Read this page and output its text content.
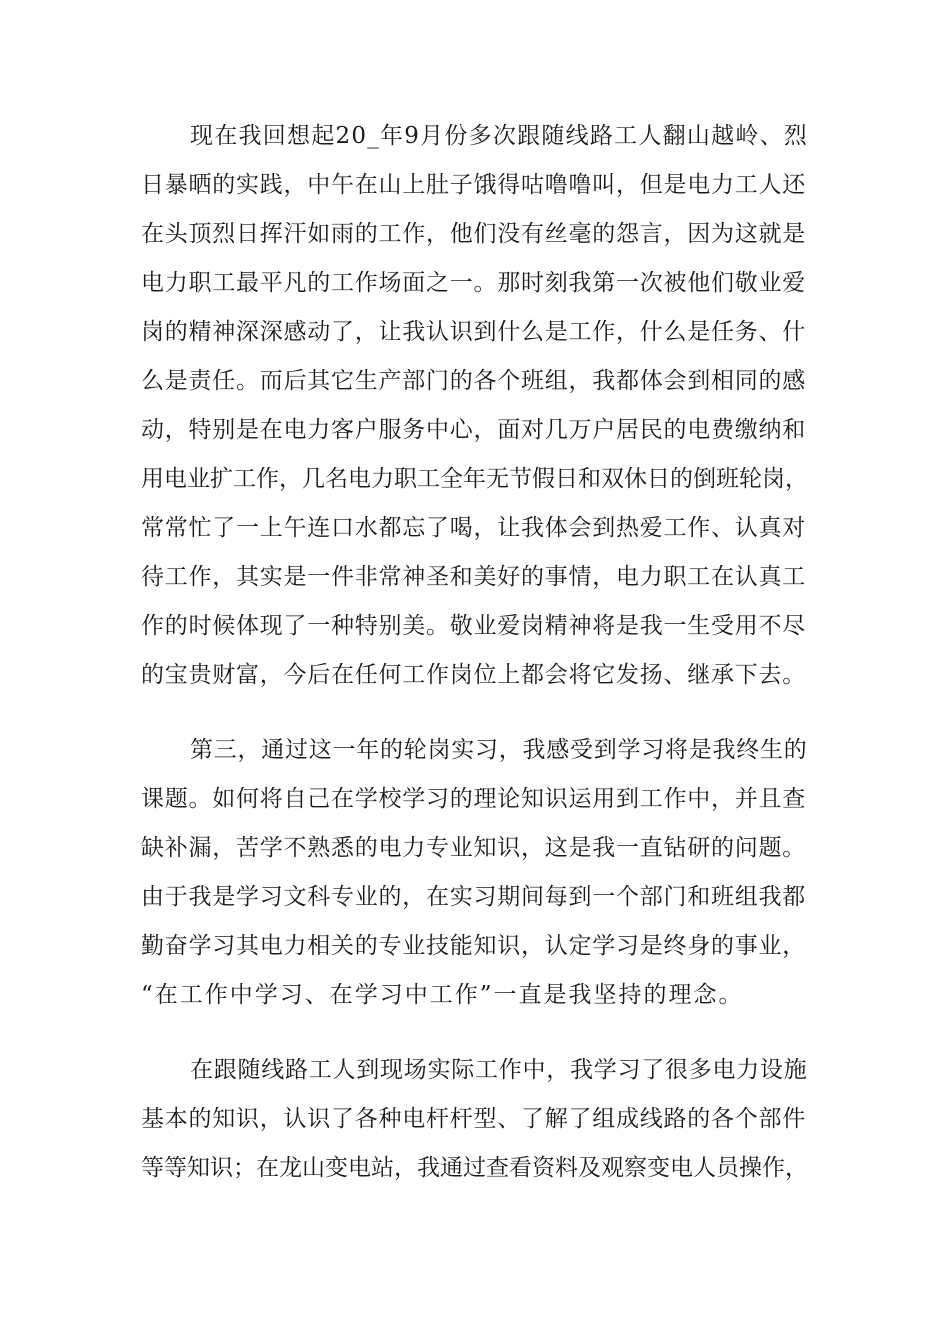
现在我回想起20_年9月份多次跟随线路工人翻山越岭、烈
日暴晒的实践，中午在山上肚子饿得咕噜噜叫，但是电力工人还
在头顶烈日挥汗如雨的工作，他们没有丝毫的怨言，因为这就是
电力职工最平凡的工作场面之一。那时刻我第一次被他们敬业爱
岗的精神深深感动了，让我认识到什么是工作，什么是任务、什
么是责任。而后其它生产部门的各个班组，我都体会到相同的感
动，特别是在电力客户服务中心，面对几万户居民的电费缴纳和
用电业扩工作，几名电力职工全年无节假日和双休日的倒班轮岗，
常常忙了一上午连口水都忘了喝，让我体会到热爱工作、认真对
待工作，其实是一件非常神圣和美好的事情，电力职工在认真工
作的时候体现了一种特别美。敬业爱岗精神将是我一生受用不尽
的宝贵财富，今后在任何工作岗位上都会将它发扬、继承下去。
第三，通过这一年的轮岗实习，我感受到学习将是我终生的
课题。如何将自己在学校学习的理论知识运用到工作中，并且查
缺补漏，苦学不熟悉的电力专业知识，这是我一直钻研的问题。
由于我是学习文科专业的，在实习期间每到一个部门和班组我都
勤奋学习其电力相关的专业技能知识，认定学习是终身的事业，
“在工作中学习、在学习中工作”一直是我坚持的理念。
在跟随线路工人到现场实际工作中，我学习了很多电力设施
基本的知识，认识了各种电杆杆型、了解了组成线路的各个部件
等等知识；在龙山变电站，我通过查看资料及观察变电人员操作，
